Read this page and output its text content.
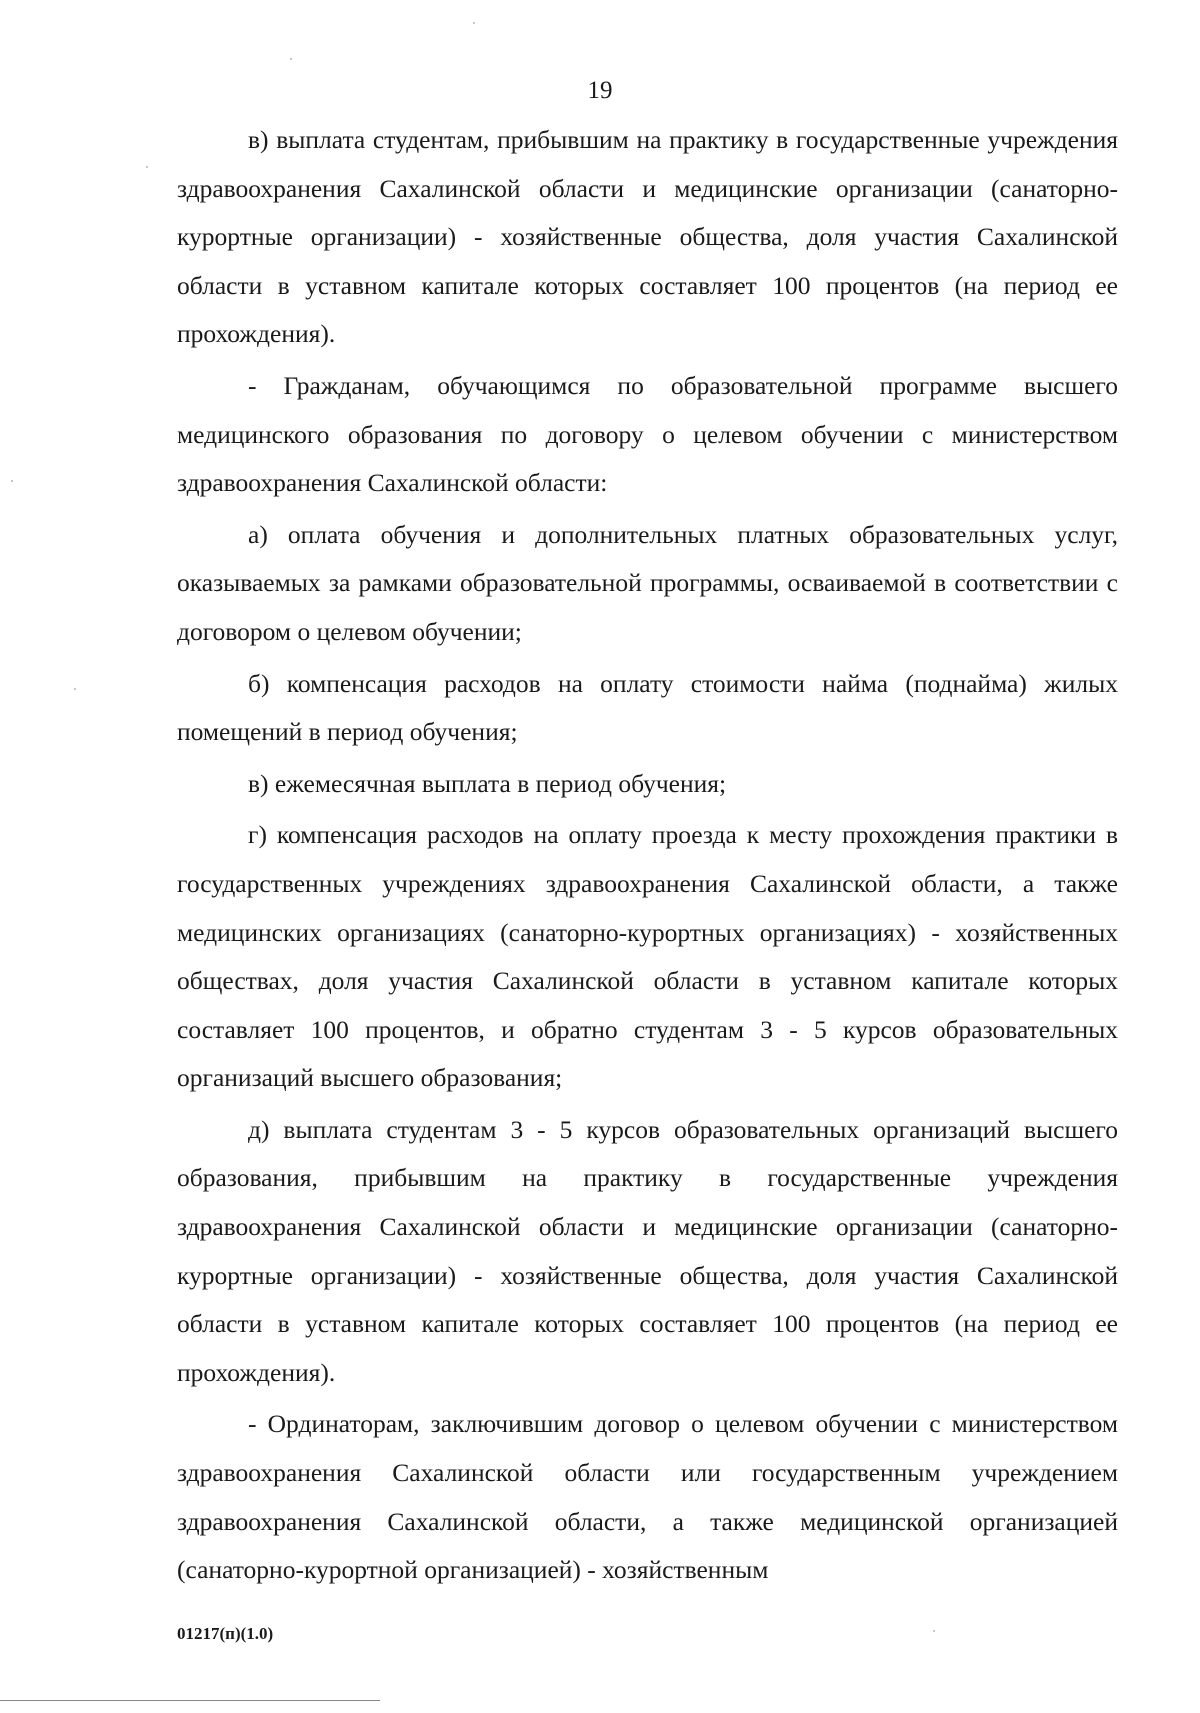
19

в) выплата студентам, прибывшим на практику в государственные учреждения здравоохранения Сахалинской области и медицинские организации (санаторно-курортные организации) - хозяйственные общества, доля участия Сахалинской области в уставном капитале которых составляет 100 процентов (на период ее прохождения).

- Гражданам, обучающимся по образовательной программе высшего медицинского образования по договору о целевом обучении с министерством здравоохранения Сахалинской области:

а) оплата обучения и дополнительных платных образовательных услуг, оказываемых за рамками образовательной программы, осваиваемой в соответствии с договором о целевом обучении;

б) компенсация расходов на оплату стоимости найма (поднайма) жилых помещений в период обучения;

в) ежемесячная выплата в период обучения;

г) компенсация расходов на оплату проезда к месту прохождения практики в государственных учреждениях здравоохранения Сахалинской области, а также медицинских организациях (санаторно-курортных организациях) - хозяйственных обществах, доля участия Сахалинской области в уставном капитале которых составляет 100 процентов, и обратно студентам 3 - 5 курсов образовательных организаций высшего образования;

д) выплата студентам 3 - 5 курсов образовательных организаций высшего образования, прибывшим на практику в государственные учреждения здравоохранения Сахалинской области и медицинские организации (санаторно-курортные организации) - хозяйственные общества, доля участия Сахалинской области в уставном капитале которых составляет 100 процентов (на период ее прохождения).

- Ординаторам, заключившим договор о целевом обучении с министерством здравоохранения Сахалинской области или государственным учреждением здравоохранения Сахалинской области, а также медицинской организацией (санаторно-курортной организацией) - хозяйственным

01217(п)(1.0)
